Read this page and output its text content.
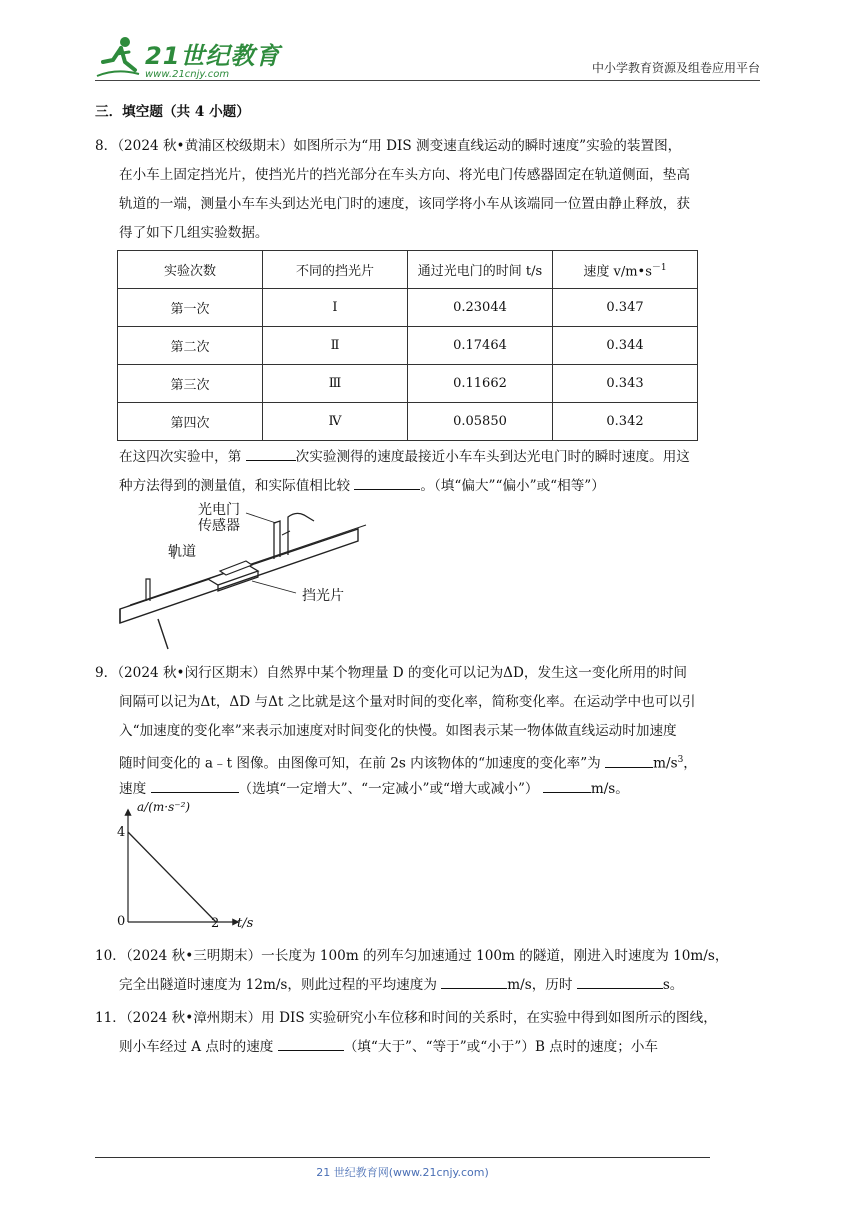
21世纪教育
www.21cnjy.com	中小学教育资源及组卷应用平台
三．填空题（共 4 小题）
8．（2024 秋•黄浦区校级期末）如图所示为“用 DIS 测变速直线运动的瞬时速度”实验的装置图，
在小车上固定挡光片，使挡光片的挡光部分在车头方向、将光电门传感器固定在轨道侧面，垫高
轨道的一端，测量小车车头到达光电门时的速度，该同学将小车从该端同一位置由静止释放，获
得了如下几组实验数据。
实验次数	不同的挡光片	通过光电门的时间 t/s	速度 $v/m•s^{-1}$
第一次	Ⅰ	0.23044	0.347
第二次	Ⅱ	0.17464	0.344
第三次	Ⅲ	0.11662	0.343
第四次	Ⅳ	0.05850	0.342
在这四次实验中，第	次实验测得的速度最接近小车车头到达光电门时的瞬时速度。用这
种方法得到的测量值，和实际值相比较	。（填“偏大”“偏小”或“相等”）
光电门
传感器
轨道
挡光片
9．（2024 秋•闵行区期末）自然界中某个物理量 D 的变化可以记为ΔD，发生这一变化所用的时间
间隔可以记为Δt，ΔD 与Δt 之比就是这个量对时间的变化率，简称变化率。在运动学中也可以引
入“加速度的变化率”来表示加速度对时间变化的快慢。如图表示某一物体做直线运动时加速度
随时间变化的 a﹣t 图像。由图像可知，在前 2s 内该物体的“加速度的变化率”为	$m/s^3$，
速度	（选填“一定增大”、“一定减小”或“增大或减小”）	m/s。
a/(m·s⁻²)
4
0	2 t/s
10．（2024 秋•三明期末）一长度为 100m 的列车匀加速通过 100m 的隧道，刚进入时速度为 10m/s，
完全出隧道时速度为 12m/s，则此过程的平均速度为	m/s，历时	s。
11．（2024 秋•漳州期末）用 DIS 实验研究小车位移和时间的关系时，在实验中得到如图所示的图线，
则小车经过 A 点时的速度	（填“大于”、“等于”或“小于”）B 点时的速度；小车
21 世纪教育网(www.21cnjy.com)
